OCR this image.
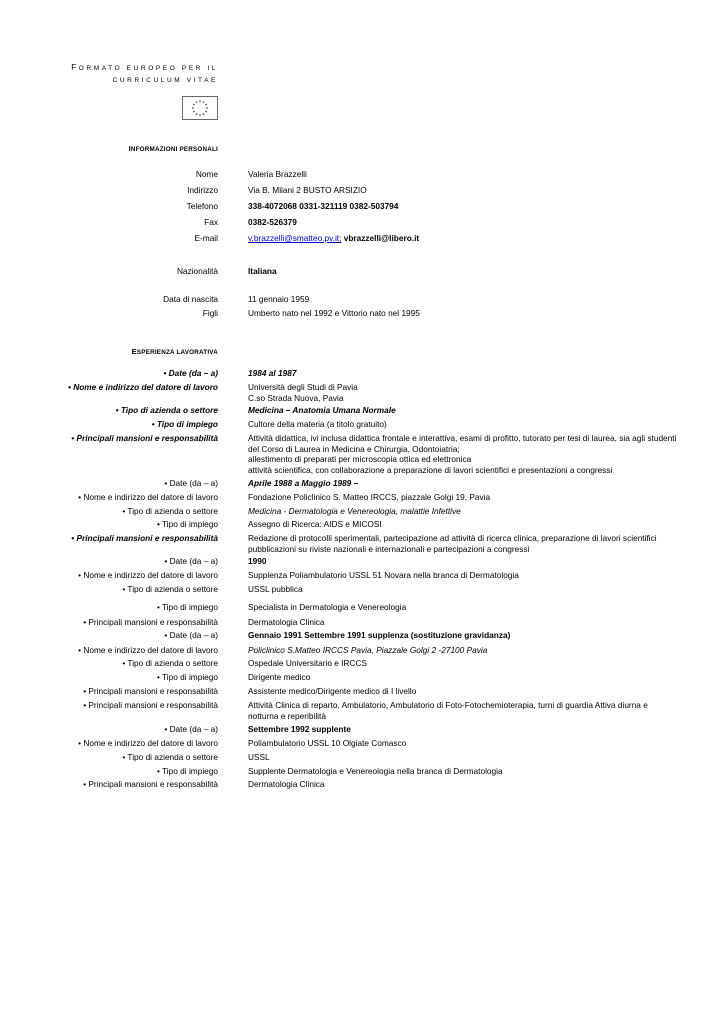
FORMATO EUROPEO PER IL
CURRICULUM VITAE
INFORMAZIONI PERSONALI
Nome	Valeria Brazzelli
Indirizzo	Via B. Milani 2 BUSTO ARSIZIO
Telefono	338-4072068 0331-321119 0382-503794
Fax	0382-526379
E-mail	v.brazzelli@smatteo.pv.it; vbrazzelli@libero.it
Nazionalità	Italiana
Data di nascita	11 gennaio 1959
Figli	Umberto nato nel 1992 e Vittorio nato nel 1995
ESPERIENZA LAVORATIVA
• Date (da – a)	1984 al 1987
• Nome e indirizzo del datore di lavoro	Università degli Studi di Pavia
C.so Strada Nuova, Pavia
• Tipo di azienda o settore	Medicina – Anatomia Umana Normale
• Tipo di impiego	Cultore della materia (a titolo gratuito)
• Principali mansioni e responsabilità	Attività didattica, ivi inclusa didattica frontale e interattiva, esami di profitto, tutorato per tesi di laurea, sia agli studenti del Corso di Laurea in Medicina e Chirurgia, Odontoiatria;
allestimento di preparati per microscopia ottica ed elettronica
attività scientifica, con collaborazione a preparazione di lavori scientifici e presentazioni a congressi
• Date (da – a)	Aprile 1988 a Maggio 1989 –
• Nome e indirizzo del datore di lavoro	Fondazione Policlinico S. Matteo IRCCS, piazzale Golgi 19, Pavia
• Tipo di azienda o settore	Medicina - Dermatologia e Venereologia, malattie Infettive
• Tipo di impiego	Assegno di Ricerca: AIDS e MICOSI
• Principali mansioni e responsabilità	Redazione di protocolli sperimentali, partecipazione ad attività di ricerca clinica, preparazione di lavori scientifici pubblicazioni su riviste nazionali e internazionali e partecipazioni a congressi
• Date (da – a)	1990
• Nome e indirizzo del datore di lavoro	Supplenza Poliambulatorio USSL 51 Novara nella branca di Dermatologia
• Tipo di azienda o settore	USSL pubblica
• Tipo di impiego	Specialista in Dermatologia e Venereologia
• Principali mansioni e responsabilità	Dermatologia Clinica
• Date (da – a)	Gennaio 1991 Settembre 1991 supplenza (sostituzione gravidanza)
• Nome e indirizzo del datore di lavoro	Policlinico S.Matteo IRCCS Pavia, Piazzale Golgi 2 -27100 Pavia
• Tipo di azienda o settore	Ospedale Universitario e IRCCS
• Tipo di impiego	Dirigente medico
• Principali mansioni e responsabilità	Assistente medico/Dirigente medico di I livello
• Principali mansioni e responsabilità	Attività Clinica di reparto, Ambulatorio, Ambulatorio di Foto-Fotochemioterapia, turni di guardia Attiva diurna e notturna e reperibilità
• Date (da – a)	Settembre 1992 supplente
• Nome e indirizzo del datore di lavoro	Poliambulatorio USSL 10 Olgiate Comasco
• Tipo di azienda o settore	USSL
• Tipo di impiego	Supplente Dermatologia e Venereologia nella branca di Dermatologia
• Principali mansioni e responsabilità	Dermatologia Clinica
